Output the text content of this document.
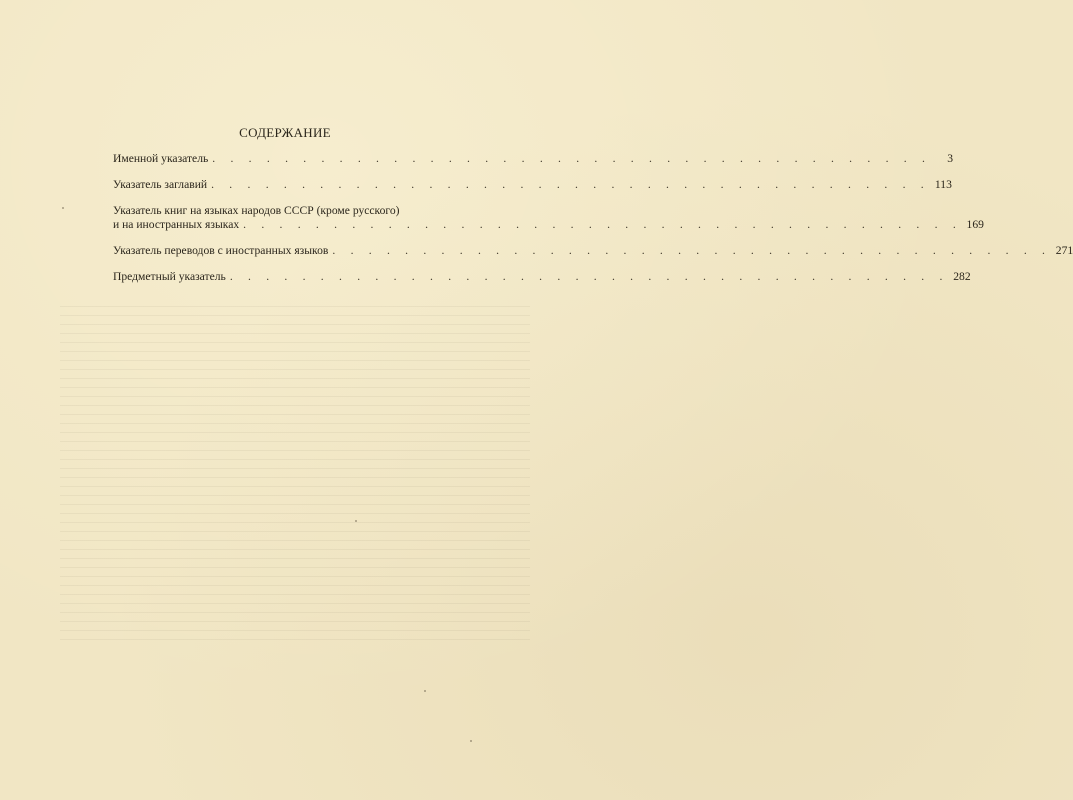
СОДЕРЖАНИЕ
Именной указатель . . . . . . . . . . . . . . . . . . . . . . . . . . . . . . . . . . . . . . . .	3
Указатель заглавий . . . . . . . . . . . . . . . . . . . . . . . . . . . . . . . . . . . . . . . . 113
Указатель книг на языках народов СССР (кроме русского)
и на иностранных языках . . . . . . . . . . . . . . . . . . . . . . . . . . . . . . . . . . . . . . . . 169
Указатель переводов с иностранных языков . . . . . . . . . . . . . . . . . . . . . . . . . . . . . . . . . . . . . . . . 271
Предметный указатель . . . . . . . . . . . . . . . . . . . . . . . . . . . . . . . . . . . . . . . . 282
